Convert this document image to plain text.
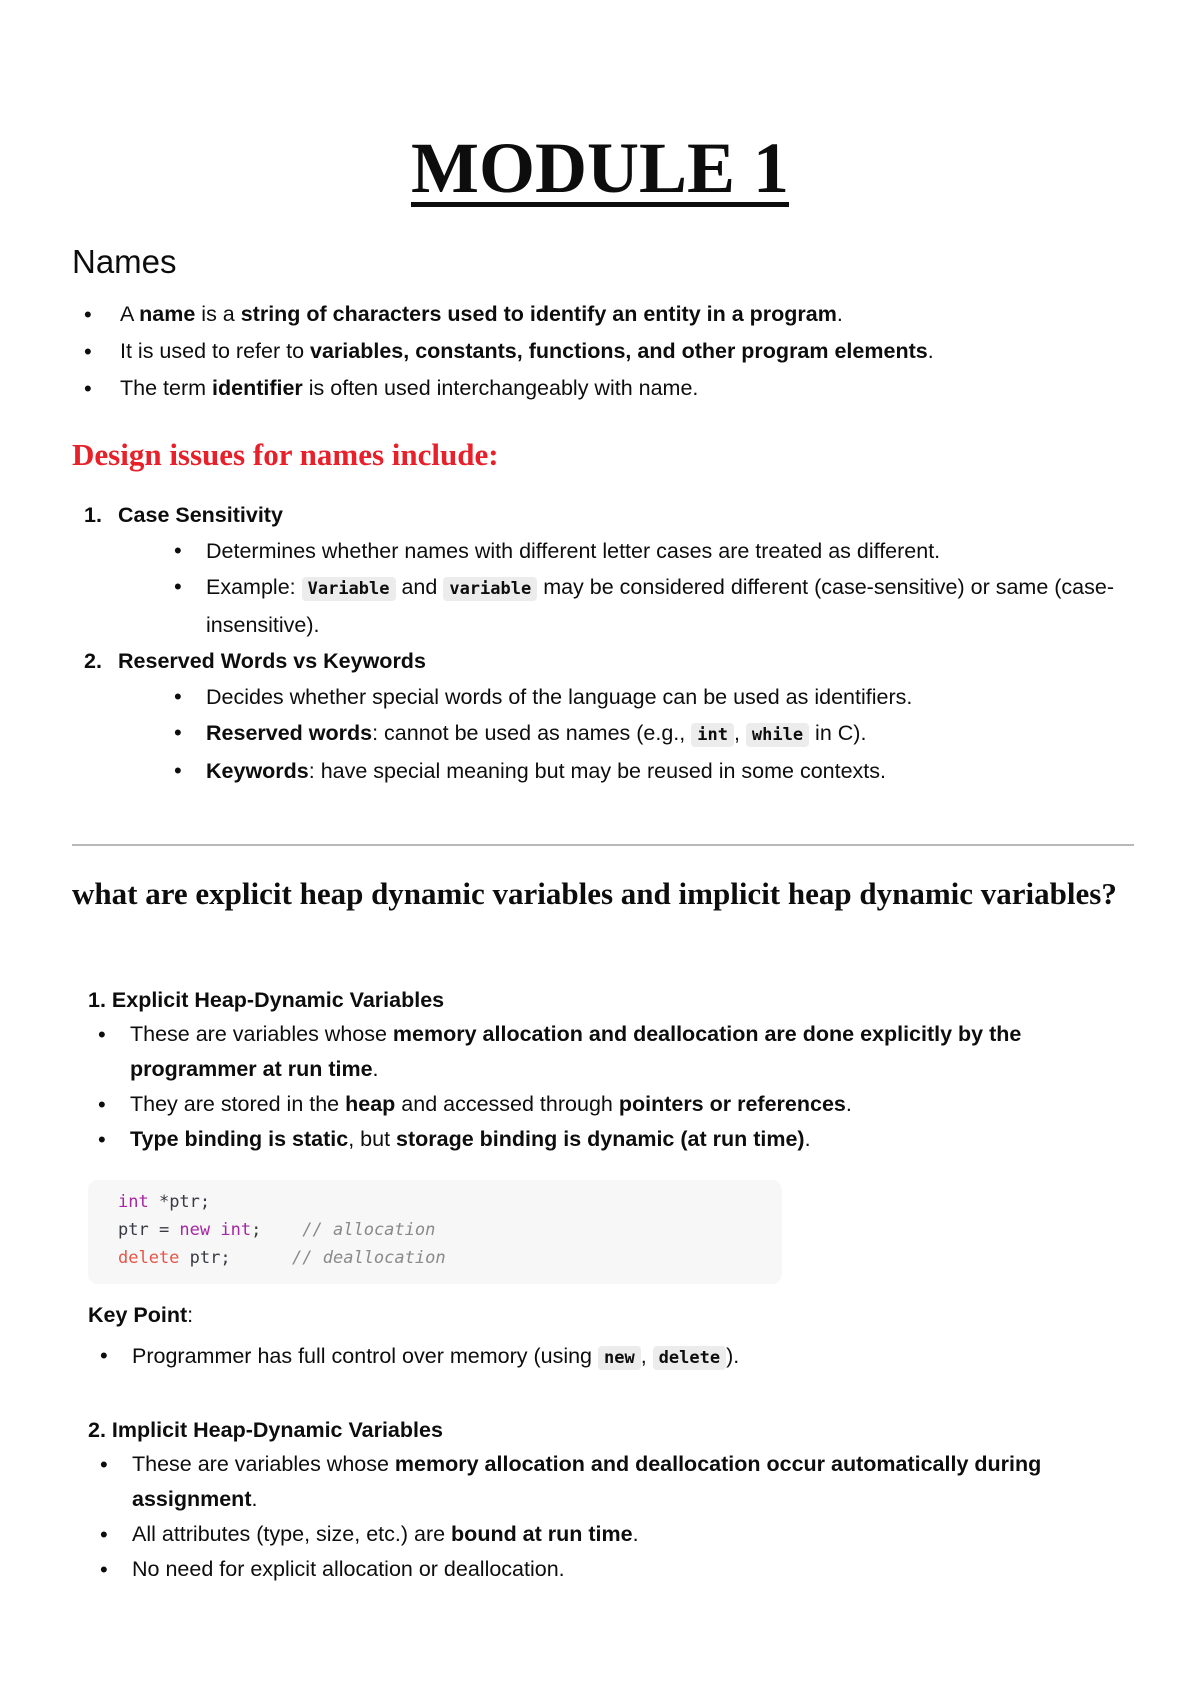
MODULE 1
Names
• A name is a string of characters used to identify an entity in a program.
• It is used to refer to variables, constants, functions, and other program elements.
• The term identifier is often used interchangeably with name.
Design issues for names include:
1. Case Sensitivity
• Determines whether names with different letter cases are treated as different.
• Example: Variable and variable may be considered different (case-sensitive) or same (case-insensitive).
2. Reserved Words vs Keywords
• Decides whether special words of the language can be used as identifiers.
• Reserved words: cannot be used as names (e.g., int , while in C).
• Keywords: have special meaning but may be reused in some contexts.
what are explicit heap dynamic variables and implicit heap dynamic variables?
1. Explicit Heap-Dynamic Variables
• These are variables whose memory allocation and deallocation are done explicitly by the programmer at run time.
• They are stored in the heap and accessed through pointers or references.
• Type binding is static, but storage binding is dynamic (at run time).
int *ptr;
ptr = new int; // allocation
delete ptr;	// deallocation
Key Point:
• Programmer has full control over memory (using new , delete ).
2. Implicit Heap-Dynamic Variables
• These are variables whose memory allocation and deallocation occur automatically during assignment.
• All attributes (type, size, etc.) are bound at run time.
• No need for explicit allocation or deallocation.
